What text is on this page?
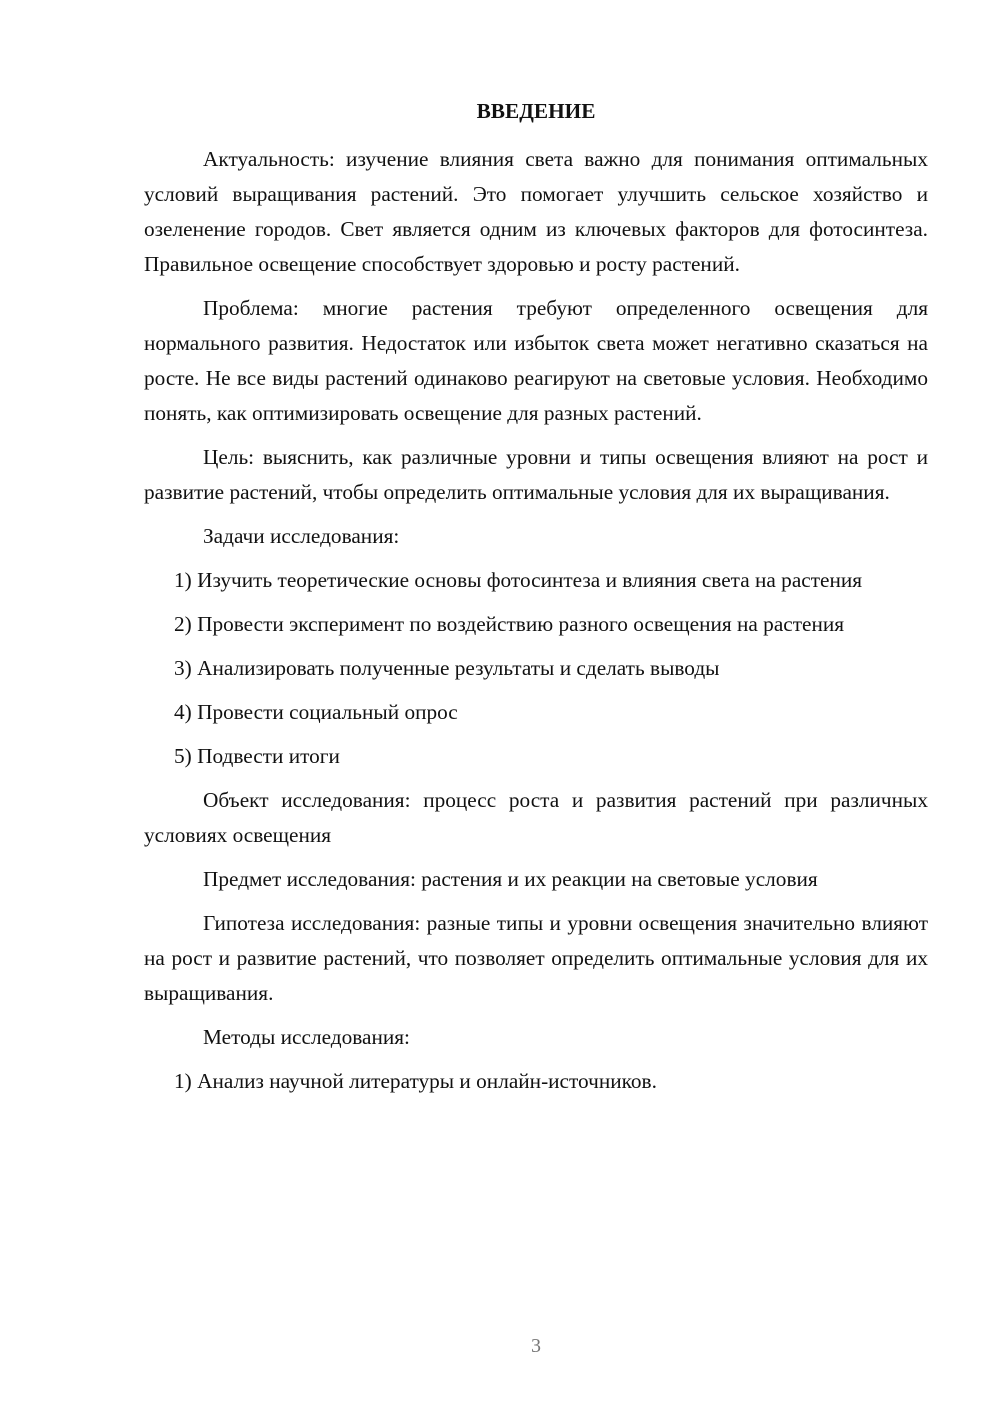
ВВЕДЕНИЕ

Актуальность: изучение влияния света важно для понимания оптимальных условий выращивания растений. Это помогает улучшить сельское хозяйство и озеленение городов. Свет является одним из ключевых факторов для фотосинтеза. Правильное освещение способствует здоровью и росту растений.

Проблема: многие растения требуют определенного освещения для нормального развития. Недостаток или избыток света может негативно сказаться на росте. Не все виды растений одинаково реагируют на световые условия. Необходимо понять, как оптимизировать освещение для разных растений.

Цель: выяснить, как различные уровни и типы освещения влияют на рост и развитие растений, чтобы определить оптимальные условия для их выращивания.

Задачи исследования:

1) Изучить теоретические основы фотосинтеза и влияния света на растения

2) Провести эксперимент по воздействию разного освещения на растения

3) Анализировать полученные результаты и сделать выводы

4) Провести социальный опрос

5) Подвести итоги

Объект исследования: процесс роста и развития растений при различных условиях освещения

Предмет исследования: растения и их реакции на световые условия

Гипотеза исследования: разные типы и уровни освещения значительно влияют на рост и развитие растений, что позволяет определить оптимальные условия для их выращивания.

Методы исследования:

1) Анализ научной литературы и онлайн-источников.

3
